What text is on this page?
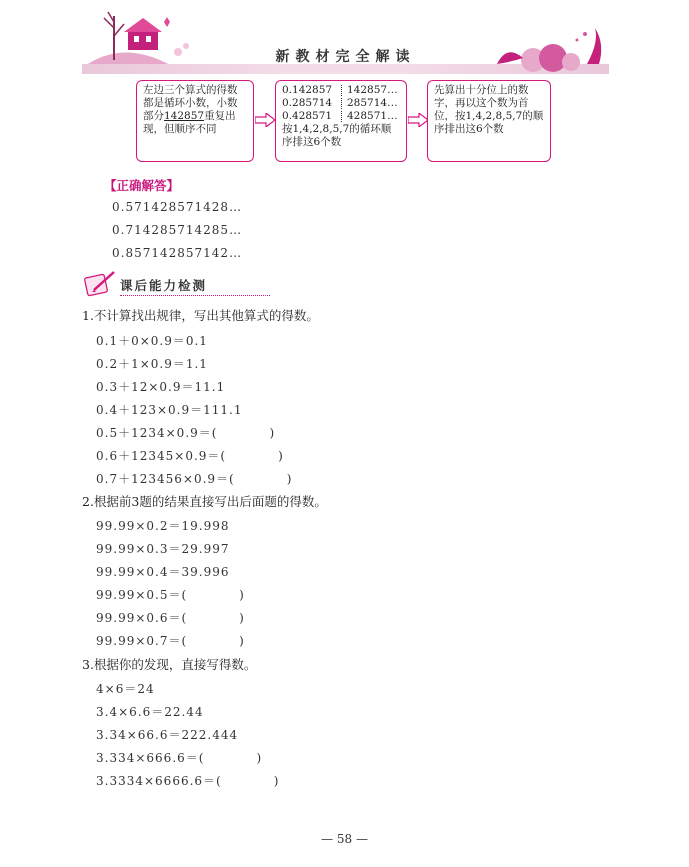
新教材完全解读
左边三个算式的得数都是循环小数，小数部分142857重复出现，但顺序不同
0.142857	142857…
0.285714	285714…
0.428571	428571…
按1,4,2,8,5,7的循环顺序排这6个数
先算出十分位上的数字，再以这个数为首位，按1,4,2,8,5,7的顺序排出这6个数
【正确解答】
0.571428571428…
0.714285714285…
0.857142857142…
课后能力检测
1.不计算找出规律，写出其他算式的得数。
0.1＋0×0.9＝0.1
0.2＋1×0.9＝1.1
0.3＋12×0.9＝11.1
0.4＋123×0.9＝111.1
0.5＋1234×0.9＝(　　　　)
0.6＋12345×0.9＝(　　　　)
0.7＋123456×0.9＝(　　　　)
2.根据前3题的结果直接写出后面题的得数。
99.99×0.2＝19.998
99.99×0.3＝29.997
99.99×0.4＝39.996
99.99×0.5＝(　　　　)
99.99×0.6＝(　　　　)
99.99×0.7＝(　　　　)
3.根据你的发现，直接写得数。
4×6＝24
3.4×6.6＝22.44
3.34×66.6＝222.444
3.334×666.6＝(　　　　)
3.3334×6666.6＝(　　　　)
— 58 —
